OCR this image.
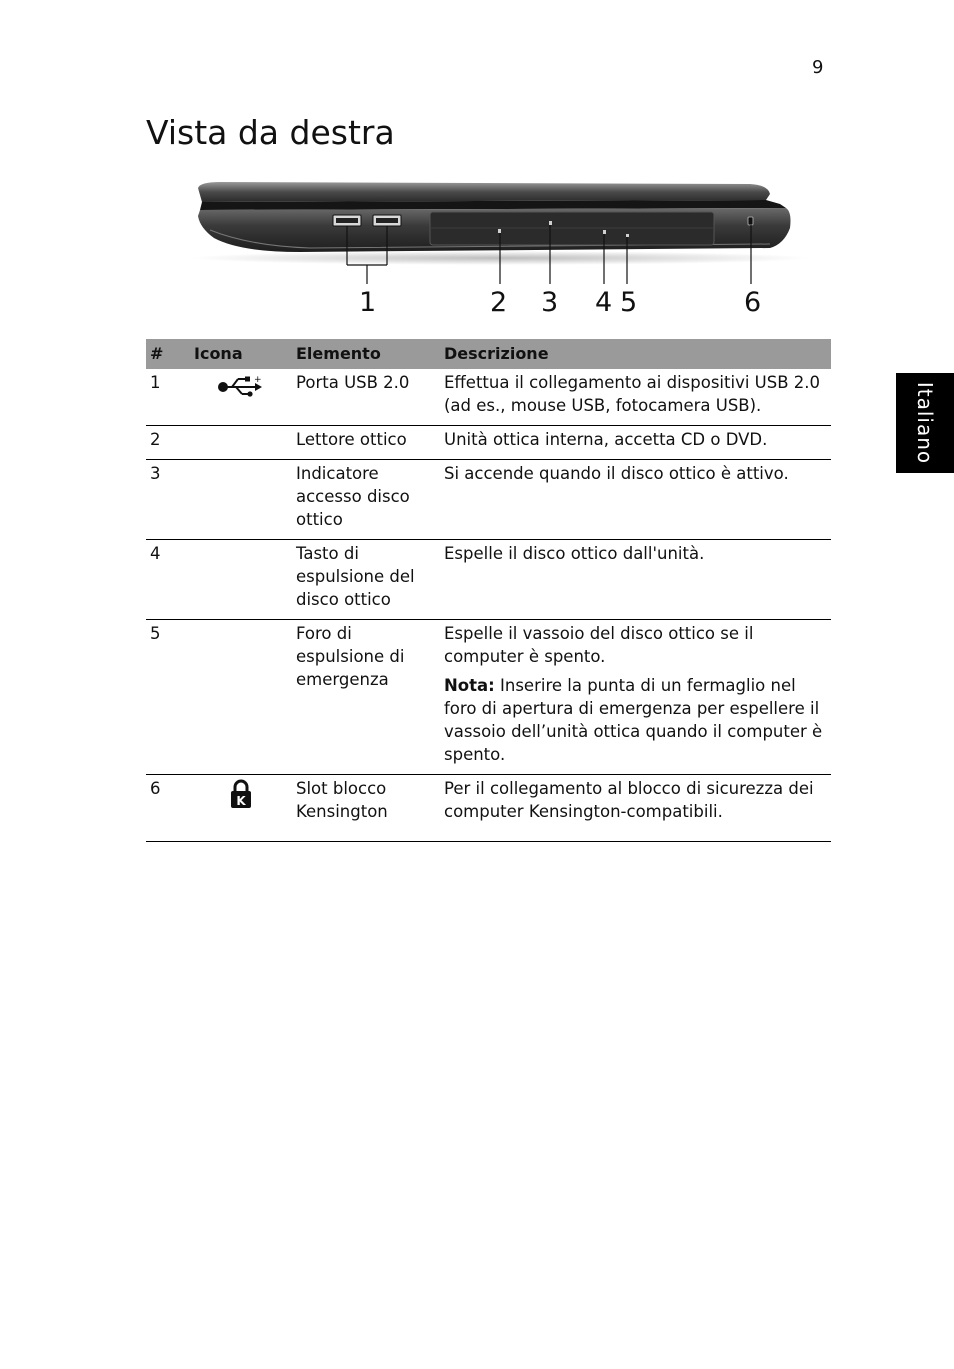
9
Vista da destra
Italiano
1	2 3 4 5	6
#	Icona	Elemento	Descrizione
1	+	Porta USB 2.0	Effettua il collegamento ai dispositivi USB 2.0 (ad es., mouse USB, fotocamera USB).

2		Lettore ottico	Unità ottica interna, accetta CD o DVD.

3		Indicatore accesso disco ottico	Si accende quando il disco ottico è attivo.

4		Tasto di espulsione del disco ottico	Espelle il disco ottico dall'unità.

5		Foro di espulsione di emergenza	Espelle il vassoio del disco ottico se il computer è spento.

Nota: Inserire la punta di un fermaglio nel foro di apertura di emergenza per espellere il vassoio dell’unità ottica quando il computer è spento.

6	K	Slot blocco Kensington	Per il collegamento al blocco di sicurezza dei computer Kensington-compatibili.
